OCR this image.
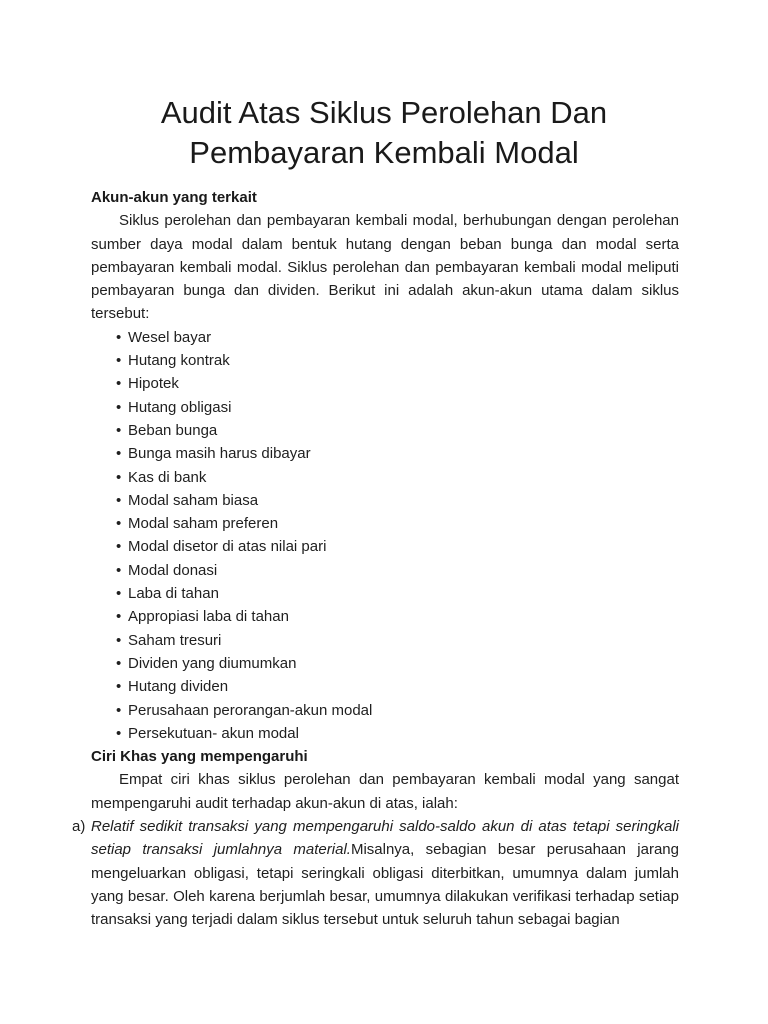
Audit Atas Siklus Perolehan Dan
Pembayaran Kembali Modal

Akun-akun yang terkait

Siklus perolehan dan pembayaran kembali modal, berhubungan dengan perolehan sumber daya modal dalam bentuk hutang dengan beban bunga dan modal serta pembayaran kembali modal. Siklus perolehan dan pembayaran kembali modal meliputi pembayaran bunga dan dividen. Berikut ini adalah akun-akun utama dalam siklus tersebut:

• Wesel bayar
• Hutang kontrak
• Hipotek
• Hutang obligasi
• Beban bunga
• Bunga masih harus dibayar
• Kas di bank
• Modal saham biasa
• Modal saham preferen
• Modal disetor di atas nilai pari
• Modal donasi
• Laba di tahan
• Appropiasi laba di tahan
• Saham tresuri
• Dividen yang diumumkan
• Hutang dividen
• Perusahaan perorangan-akun modal
• Persekutuan- akun modal

Ciri Khas yang mempengaruhi

Empat ciri khas siklus perolehan dan pembayaran kembali modal yang sangat mempengaruhi audit terhadap akun-akun di atas, ialah:

a) Relatif sedikit transaksi yang mempengaruhi saldo-saldo akun di atas tetapi seringkali setiap transaksi jumlahnya material.Misalnya, sebagian besar perusahaan jarang mengeluarkan obligasi, tetapi seringkali obligasi diterbitkan, umumnya dalam jumlah yang besar. Oleh karena berjumlah besar, umumnya dilakukan verifikasi terhadap setiap transaksi yang terjadi dalam siklus tersebut untuk seluruh tahun sebagai bagian
